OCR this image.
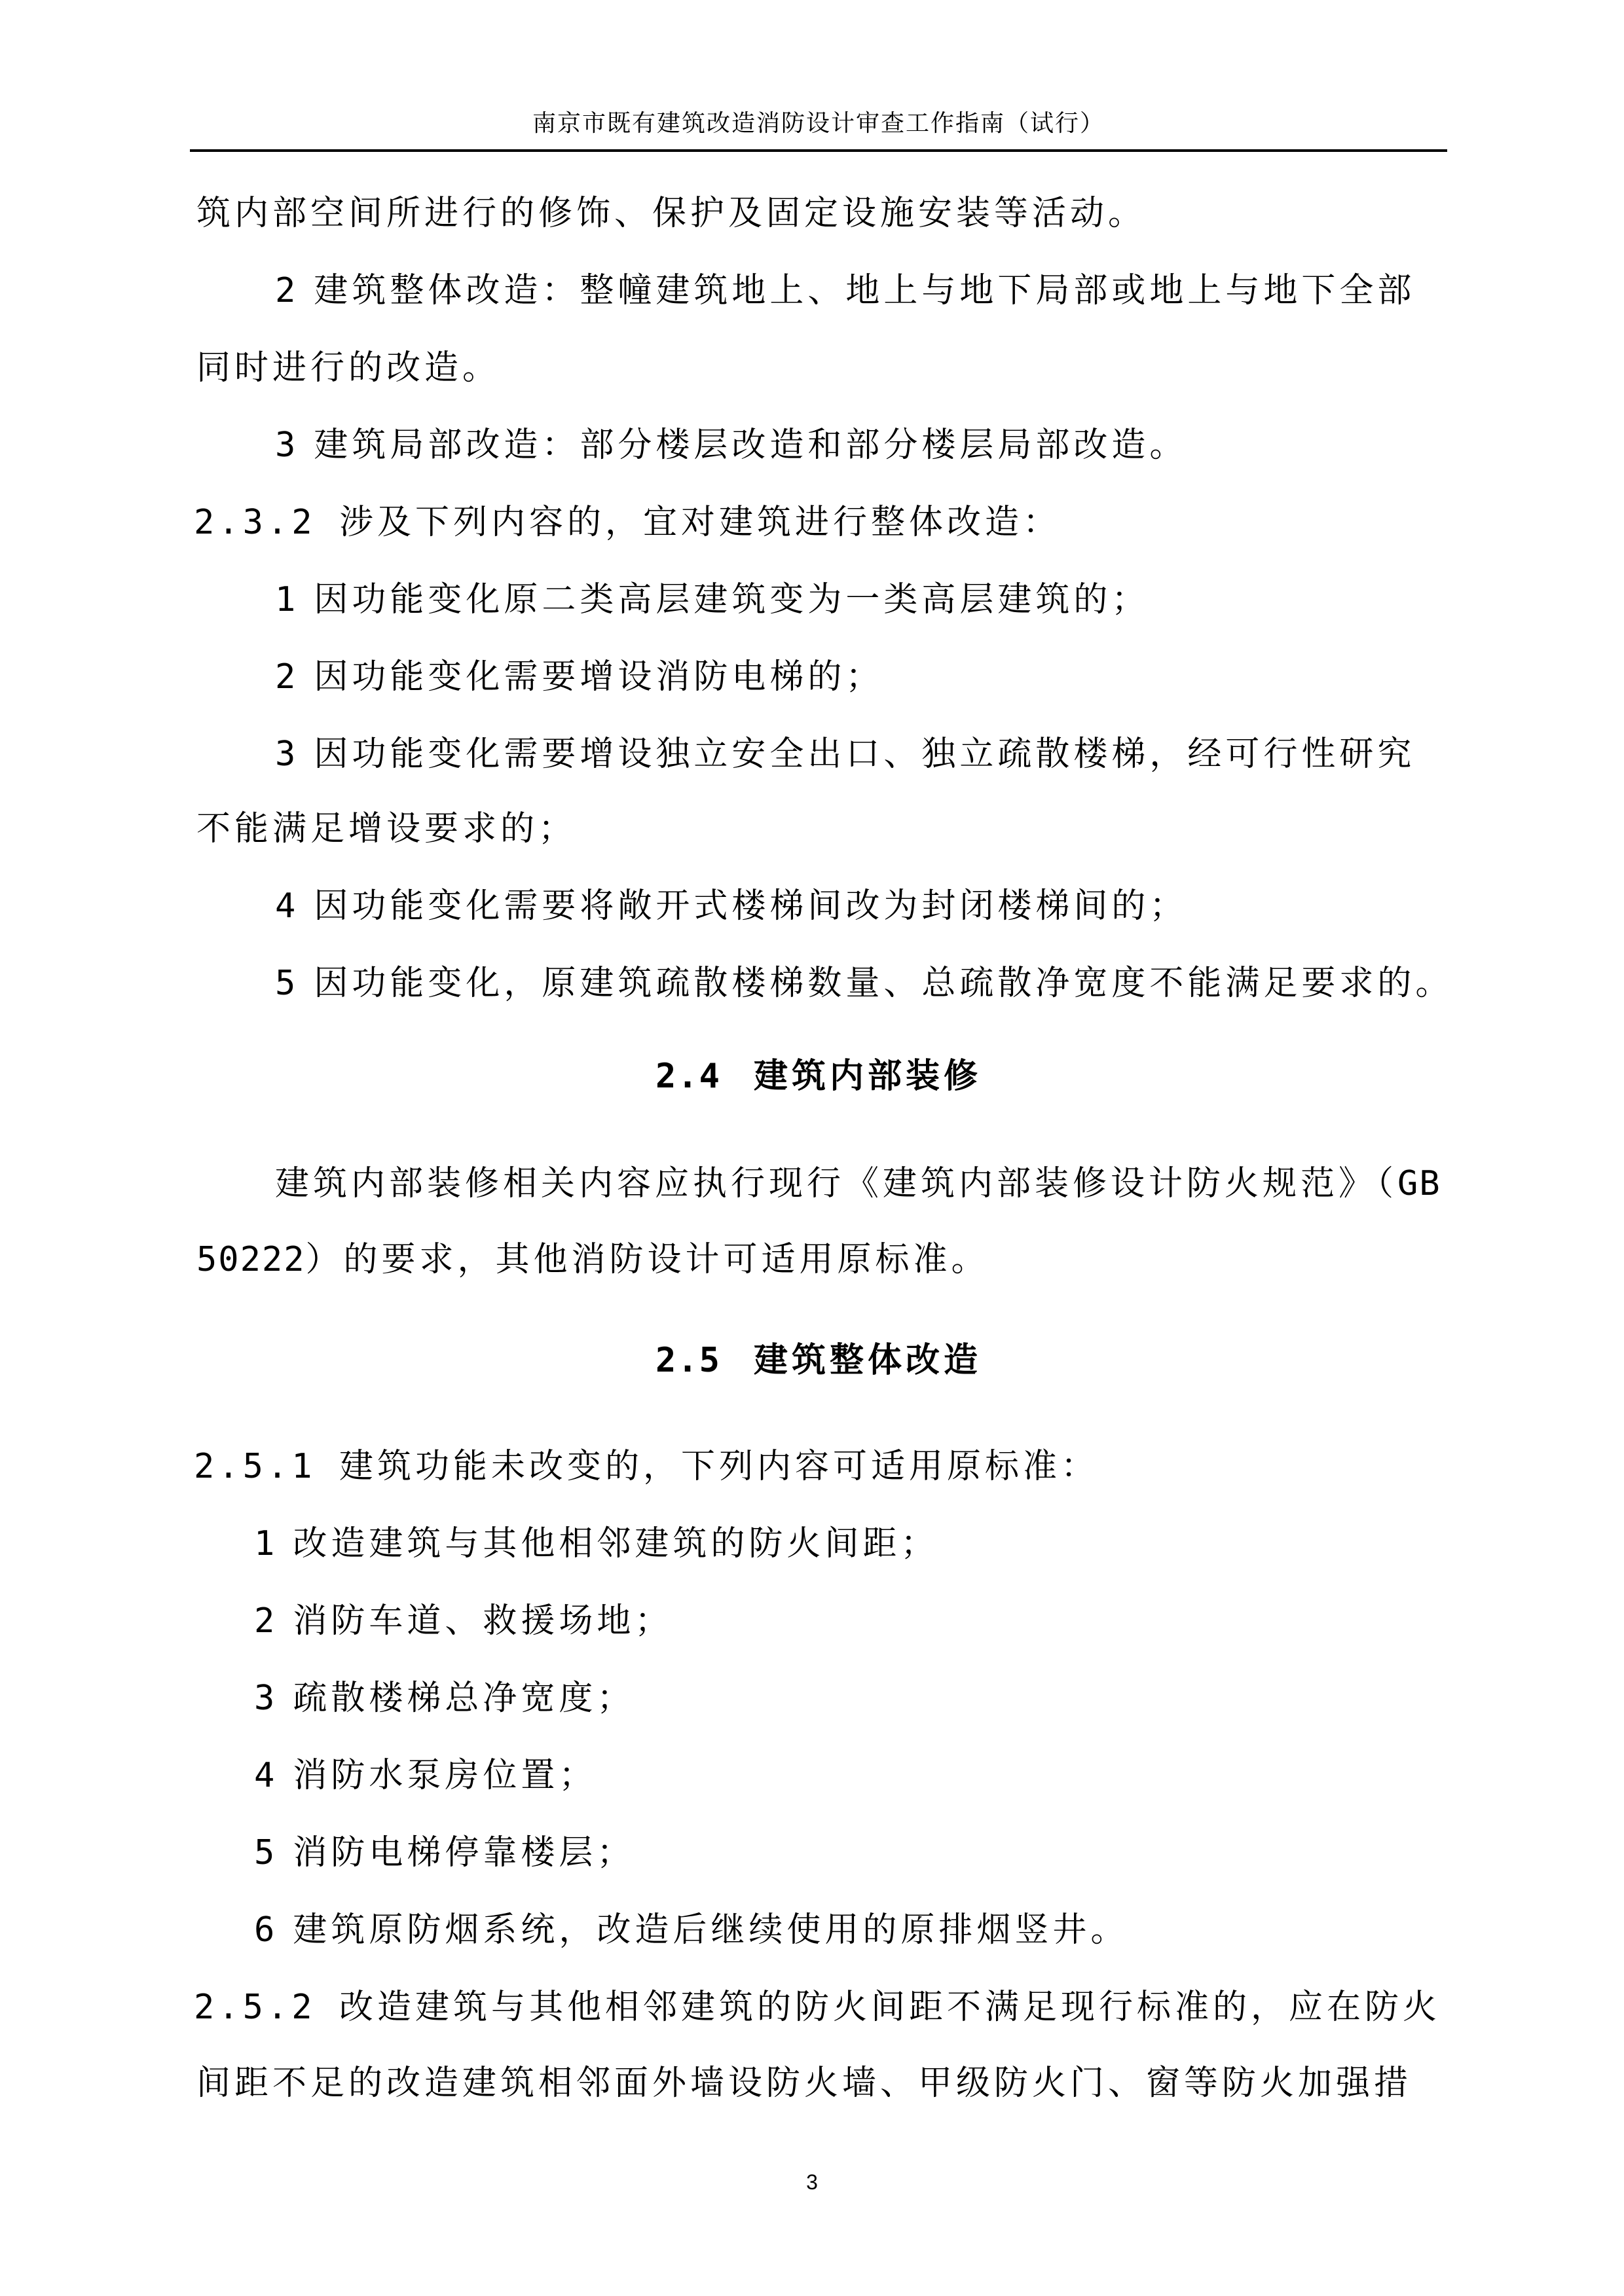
南京市既有建筑改造消防设计审查工作指南（试行）
筑内部空间所进行的修饰、保护及固定设施安装等活动。
2 建筑整体改造：整幢建筑地上、地上与地下局部或地上与地下全部
同时进行的改造。
3 建筑局部改造：部分楼层改造和部分楼层局部改造。
2.3.2 涉及下列内容的，宜对建筑进行整体改造：
1 因功能变化原二类高层建筑变为一类高层建筑的；
2 因功能变化需要增设消防电梯的；
3 因功能变化需要增设独立安全出口、独立疏散楼梯，经可行性研究
不能满足增设要求的；
4 因功能变化需要将敞开式楼梯间改为封闭楼梯间的；
5 因功能变化，原建筑疏散楼梯数量、总疏散净宽度不能满足要求的。
2.4 建筑内部装修
建筑内部装修相关内容应执行现行《建筑内部装修设计防火规范》（GB
50222）的要求，其他消防设计可适用原标准。
2.5 建筑整体改造
2.5.1 建筑功能未改变的，下列内容可适用原标准：
1 改造建筑与其他相邻建筑的防火间距；
2 消防车道、救援场地；
3 疏散楼梯总净宽度；
4 消防水泵房位置；
5 消防电梯停靠楼层；
6 建筑原防烟系统，改造后继续使用的原排烟竖井。
2.5.2 改造建筑与其他相邻建筑的防火间距不满足现行标准的，应在防火
间距不足的改造建筑相邻面外墙设防火墙、甲级防火门、窗等防火加强措
3
